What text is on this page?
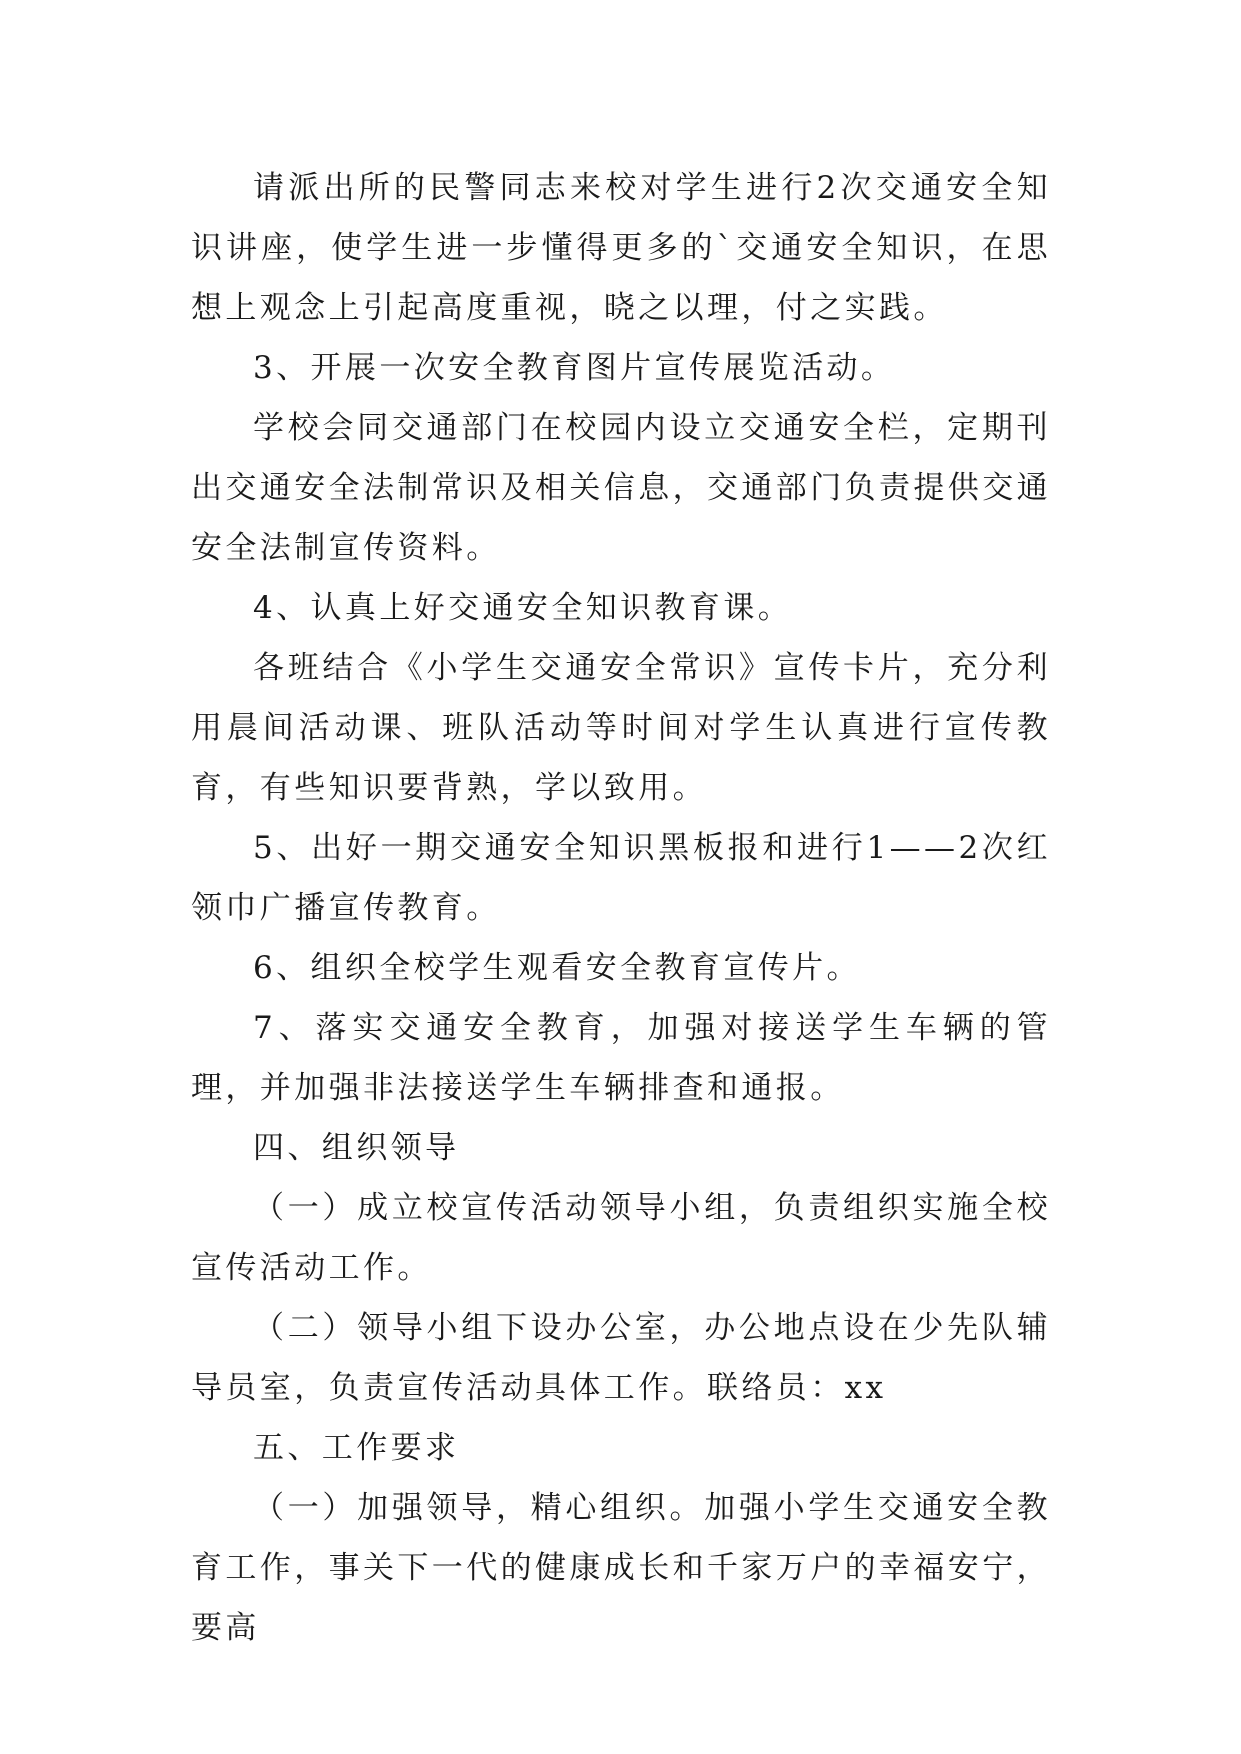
请派出所的民警同志来校对学生进行2次交通安全知识讲座，使学生进一步懂得更多的`交通安全知识，在思想上观念上引起高度重视，晓之以理，付之实践。

3、开展一次安全教育图片宣传展览活动。

学校会同交通部门在校园内设立交通安全栏，定期刊出交通安全法制常识及相关信息，交通部门负责提供交通安全法制宣传资料。

4、认真上好交通安全知识教育课。

各班结合《小学生交通安全常识》宣传卡片，充分利用晨间活动课、班队活动等时间对学生认真进行宣传教育，有些知识要背熟，学以致用。

5、出好一期交通安全知识黑板报和进行1——2次红领巾广播宣传教育。

6、组织全校学生观看安全教育宣传片。

7、落实交通安全教育，加强对接送学生车辆的管理，并加强非法接送学生车辆排查和通报。

四、组织领导

（一）成立校宣传活动领导小组，负责组织实施全校宣传活动工作。

（二）领导小组下设办公室，办公地点设在少先队辅导员室，负责宣传活动具体工作。联络员：xx

五、工作要求

（一）加强领导，精心组织。加强小学生交通安全教育工作，事关下一代的健康成长和千家万户的幸福安宁，要高
